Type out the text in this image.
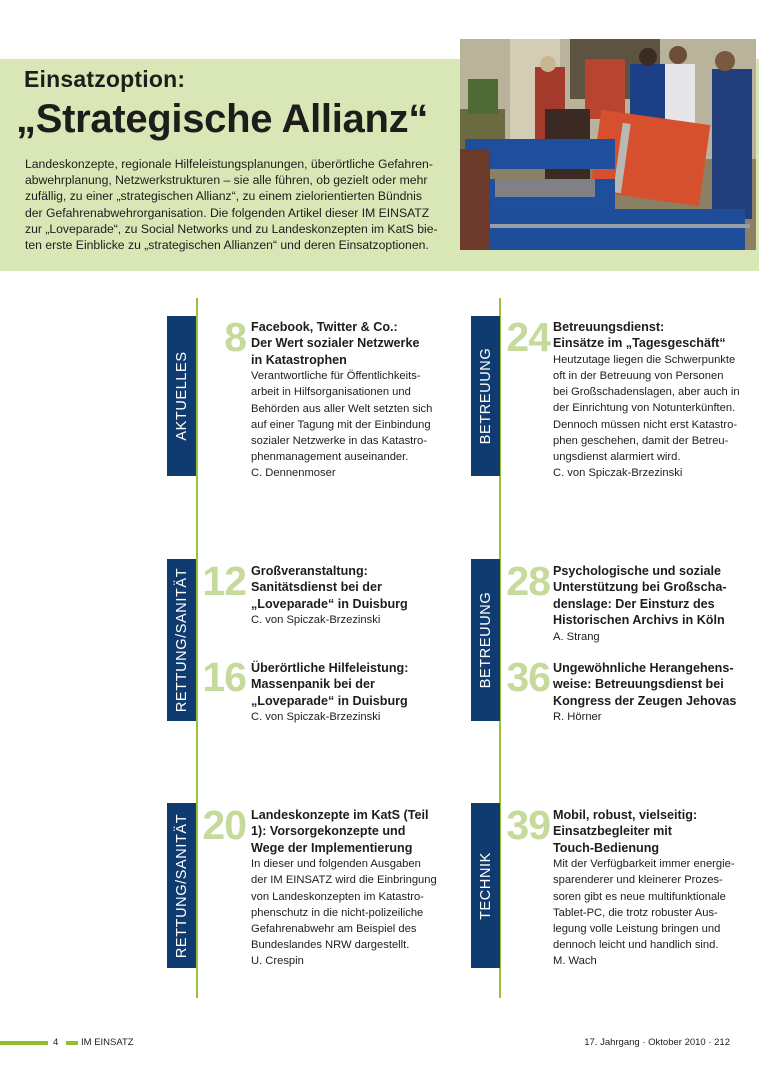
Einsatzoption:
„Strategische Allianz“
Landeskonzepte, regionale Hilfeleistungsplanungen, überörtliche Gefahren-
abwehrplanung, Netzwerkstrukturen – sie alle führen, ob gezielt oder mehr
zufällig, zu einer „strategischen Allianz“, zu einem zielorientierten Bündnis
der Gefahrenabwehrorganisation. Die folgenden Artikel dieser IM EINSATZ
zur „Loveparade“, zu Social Networks und zu Landeskonzepten im KatS bie-
ten erste Einblicke zu „strategischen Allianzen“ und deren Einsatzoptionen.
AKTUELLES
8 Facebook, Twitter & Co.:
Der Wert sozialer Netzwerke
in Katastrophen
Verantwortliche für Öffentlichkeits-
arbeit in Hilfsorganisationen und
Behörden aus aller Welt setzten sich
auf einer Tagung mit der Einbindung
sozialer Netzwerke in das Katastro-
phenmanagement auseinander.
C. Dennenmoser
BETREUUNG
24 Betreuungsdienst:
Einsätze im „Tagesgeschäft“
Heutzutage liegen die Schwerpunkte
oft in der Betreuung von Personen
bei Großschadenslagen, aber auch in
der Einrichtung von Notunterkünften.
Dennoch müssen nicht erst Katastro-
phen geschehen, damit der Betreu-
ungsdienst alarmiert wird.
C. von Spiczak-Brzezinski
RETTUNG/SANITÄT 12 Großveranstaltung:
Sanitätsdienst bei der
„Loveparade“ in Duisburg
C. von Spiczak-Brzezinski
16 Überörtliche Hilfeleistung:
Massenpanik bei der
„Loveparade“ in Duisburg
C. von Spiczak-Brzezinski
BETREUUNG
28 Psychologische und soziale
Unterstützung bei Großscha-
denslage: Der Einsturz des
Historischen Archivs in Köln
A. Strang
36 Ungewöhnliche Herangehens-
weise: Betreuungsdienst bei
Kongress der Zeugen Jehovas
R. Hörner
RETTUNG/SANITÄT 20 Landeskonzepte im KatS (Teil
1): Vorsorgekonzepte und
Wege der Implementierung
In dieser und folgenden Ausgaben
der IM EINSATZ wird die Einbringung
von Landeskonzepten im Katastro-
phenschutz in die nicht-polizeiliche
Gefahrenabwehr am Beispiel des
Bundeslandes NRW dargestellt.
U. Crespin
TECHNIK
39 Mobil, robust, vielseitig:
Einsatzbegleiter mit
Touch-Bedienung
Mit der Verfügbarkeit immer energie-
sparenderer und kleinerer Prozes-
soren gibt es neue multifunktionale
Tablet-PC, die trotz robuster Aus-
legung volle Leistung bringen und
dennoch leicht und handlich sind.
M. Wach
4 IM EINSATZ	17. Jahrgang · Oktober 2010 · 212
